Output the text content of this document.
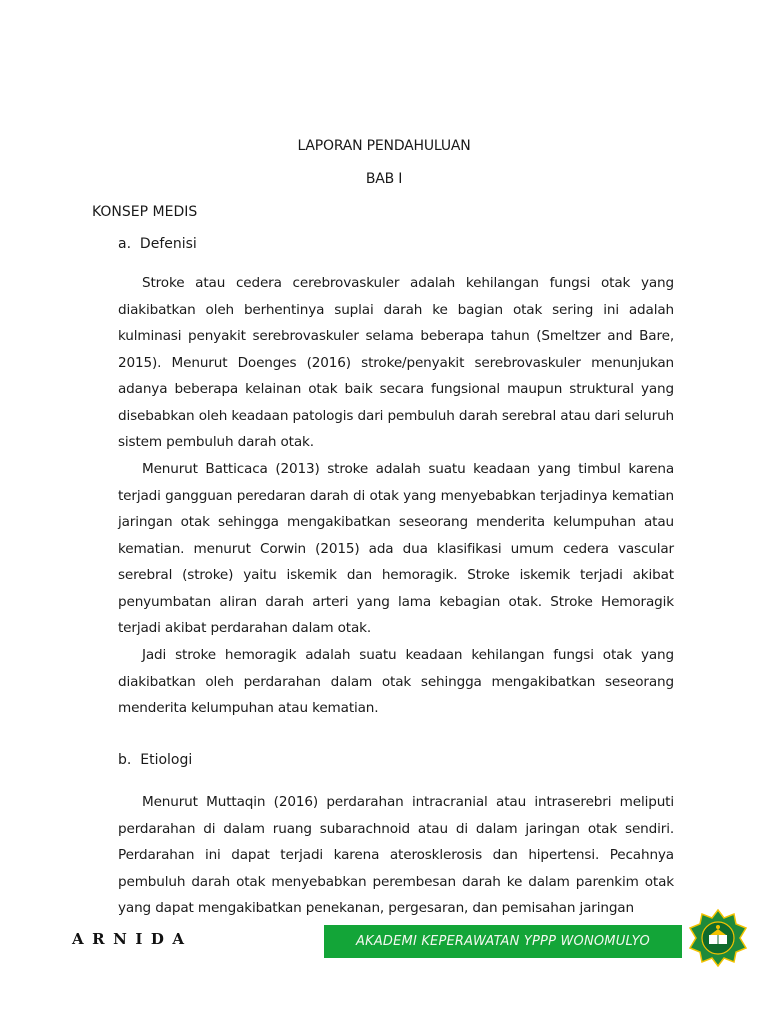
LAPORAN PENDAHULUAN
BAB I
KONSEP MEDIS
a.  Defenisi
Stroke atau cedera cerebrovaskuler adalah kehilangan fungsi otak yang diakibatkan oleh berhentinya suplai darah ke bagian otak sering ini adalah kulminasi penyakit serebrovaskuler selama beberapa tahun (Smeltzer and Bare, 2015). Menurut Doenges (2016) stroke/penyakit serebrovaskuler menunjukan adanya beberapa kelainan otak baik secara fungsional maupun struktural yang disebabkan oleh keadaan patologis dari pembuluh darah serebral atau dari seluruh sistem pembuluh darah otak.
Menurut Batticaca (2013) stroke adalah suatu keadaan yang timbul karena terjadi gangguan peredaran darah di otak yang menyebabkan terjadinya kematian jaringan otak sehingga mengakibatkan seseorang menderita kelumpuhan atau kematian. menurut Corwin (2015) ada dua klasifikasi umum cedera vascular serebral (stroke) yaitu iskemik dan hemoragik. Stroke iskemik terjadi akibat penyumbatan aliran darah arteri yang lama kebagian otak. Stroke Hemoragik terjadi akibat perdarahan dalam otak.
Jadi stroke hemoragik adalah suatu keadaan kehilangan fungsi otak yang diakibatkan oleh perdarahan dalam otak sehingga mengakibatkan seseorang menderita kelumpuhan atau kematian.
b.  Etiologi
Menurut Muttaqin (2016) perdarahan intracranial atau intraserebri meliputi perdarahan di dalam ruang subarachnoid atau di dalam jaringan otak sendiri. Perdarahan ini dapat terjadi karena aterosklerosis dan hipertensi. Pecahnya pembuluh darah otak menyebabkan perembesan darah ke dalam parenkim otak yang dapat mengakibatkan penekanan, pergesaran, dan pemisahan jaringan
ARNIDA	AKADEMI KEPERAWATAN YPPP WONOMULYO
